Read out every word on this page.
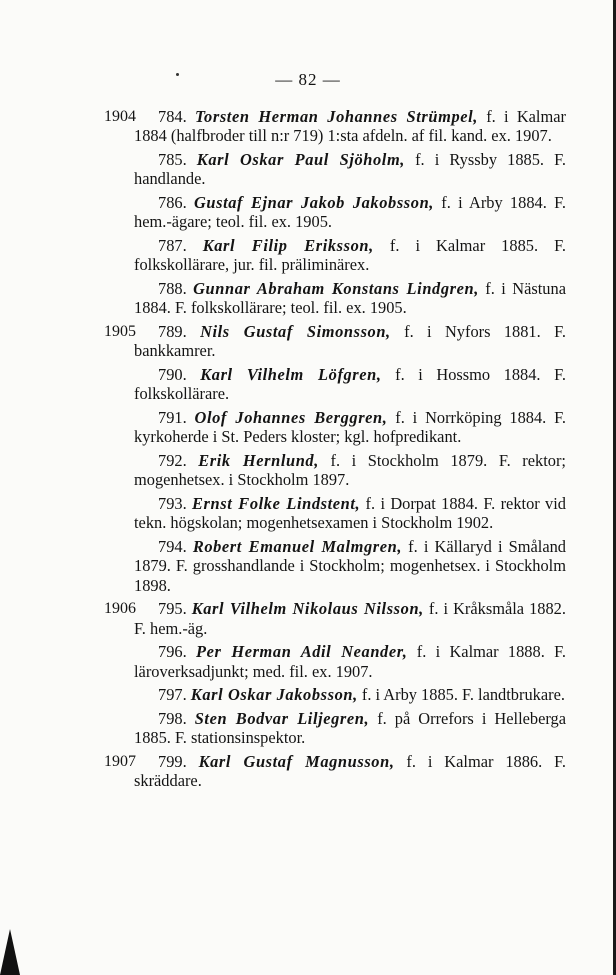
— 82 —
1904 784. Torsten Herman Johannes Strümpel, f. i Kalmar 1884 (halfbroder till n:r 719) 1:sta afdeln. af fil. kand. ex. 1907.
785. Karl Oskar Paul Sjöholm, f. i Ryssby 1885. F. handlande.
786. Gustaf Ejnar Jakob Jakobsson, f. i Arby 1884. F. hem.-ägare; teol. fil. ex. 1905.
787. Karl Filip Eriksson, f. i Kalmar 1885. F. folkskollärare, jur. fil. präliminärex.
788. Gunnar Abraham Konstans Lindgren, f. i Nästuna 1884. F. folkskollärare; teol. fil. ex. 1905.
1905 789. Nils Gustaf Simonsson, f. i Nyfors 1881. F. bankkamrer.
790. Karl Vilhelm Löfgren, f. i Hossmo 1884. F. folkskollärare.
791. Olof Johannes Berggren, f. i Norrköping 1884. F. kyrkoherde i St. Peders kloster; kgl. hofpredikant.
792. Erik Hernlund, f. i Stockholm 1879. F. rektor; mogenhetsex. i Stockholm 1897.
793. Ernst Folke Lindstent, f. i Dorpat 1884. F. rektor vid tekn. högskolan; mogenhetsexamen i Stockholm 1902.
794. Robert Emanuel Malmgren, f. i Källaryd i Småland 1879. F. grosshandlande i Stockholm; mogenhetsex. i Stockholm 1898.
1906 795. Karl Vilhelm Nikolaus Nilsson, f. i Kråksmåla 1882. F. hem.-äg.
796. Per Herman Adil Neander, f. i Kalmar 1888. F. läroverksadjunkt; med. fil. ex. 1907.
797. Karl Oskar Jakobsson, f. i Arby 1885. F. landtbrukare.
798. Sten Bodvar Liljegren, f. på Orrefors i Helleberga 1885. F. stationsinspektor.
1907 799. Karl Gustaf Magnusson, f. i Kalmar 1886. F. skräddare.
